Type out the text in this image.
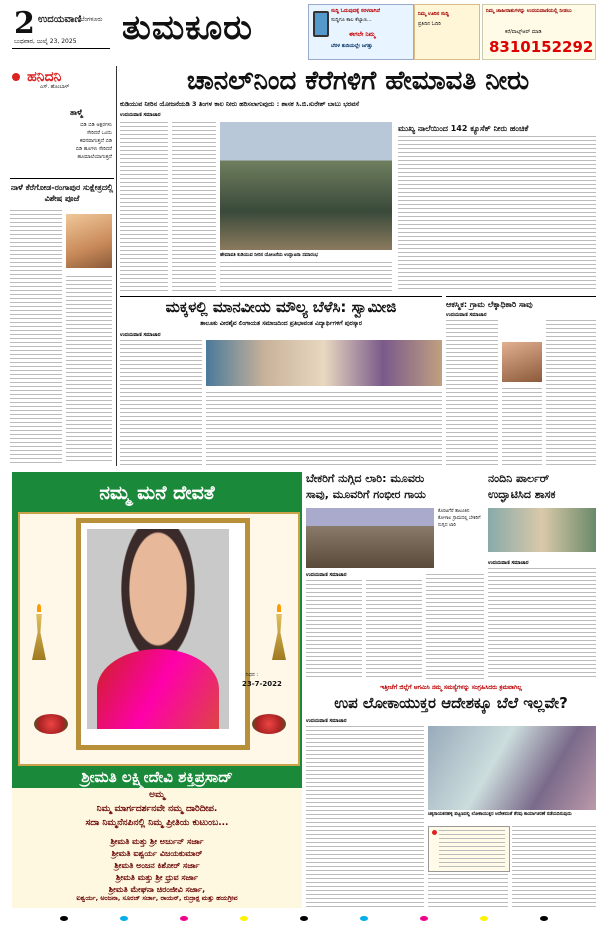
2 ಉದಯವಾಣಿ
ಬೆಂಗಳೂರು
ಬುಧವಾರ, ಜುಲೈ 23, 2025 ತುಮಕೂರು	ಸುದ್ದಿ ಓದುವುದಕ್ಕೆ ಸರಳವಾಗಿದೆ
ಸುದ್ದಿಗೂ ಕಾಲ ಕೆಲ್ಯಾಣ...
ಈಗಲೇ ನಿಮ್ಮ
ಬೆರಳ ತುದಿಯಲ್ಲೇ ಜಗತ್ತು
ನಿಮ್ಮ ಊರಿನ ಸುದ್ದಿ
ಪ್ರತಿದಿನ ಓದಿರಿ
ನಿಮ್ಮ ಜಾಹೀರಾತುಗಳನ್ನು ಉದಯವಾಣಿಯಲ್ಲಿ ನೀಡಲು
ಕರೆ/ವಾಟ್ಸ್ಆಪ್ ಮಾಡಿ
8310152292
ಹನಿದನಿ
ಎಸ್. ಹೊಂಬಾಳ್
ತಾಳ್ಮೆ
ಬಿಡಿ ಬಿಡಿ ಅಕ್ಷರಗಳು
ಸೇರಿದರೆ ಒಂದು
ಕವನವಾಗುತ್ತದೆ ಬಿಡಿ
ಬಿಡಿ ಹೂಗಳು ಸೇರಿದರೆ
ಹೂಮಾಲೆಯಾಗುತ್ತದೆ
ನಾಳೆ ಕೆರೆಗೋಡ-ರಂಗಾಪುರ ಸುಕ್ಷೇತ್ರದಲ್ಲಿ ವಿಶೇಷ ಪೂಜೆ
ಚಾನಲ್‌ನಿಂದ ಕೆರೆಗಳಿಗೆ ಹೇಮಾವತಿ ನೀರು
ಕುಡಿಯುವ ನೀರಿನ ಯೋಜನೆಯಡಿ 3 ತಿಂಗಳ ಕಾಲ ನೀರು ಹರಿಸಲಾಗುವುದು : ಶಾಸಕ ಸಿ.ಬಿ.ಸುರೇಶ್ ಬಾಬು ಭರವಸೆ
ಉದಯವಾಣಿ ಸಮಾಚಾರ
ಹೇಮಾವತಿ ಕುಡಿಯುವ ನೀರಿನ ಯೋಜನೆಯ ಉದ್ಘಾಟನಾ ಸಮಾರಂಭ
ಮುಖ್ಯ ನಾಲೆಯಿಂದ 142 ಕ್ಯೂಸೆಕ್ ನೀರು ಹಂಚಿಕೆ
ಮಕ್ಕಳಲ್ಲಿ ಮಾನವೀಯ ಮೌಲ್ಯ ಬೆಳೆಸಿ: ಸ್ವಾಮೀಜಿ
ತಾಲೂಕು ವೀರಶೈವ ಲಿಂಗಾಯತ ಸಮಾಜದಿಂದ ಪ್ರತಿಭಾವಂತ ವಿದ್ಯಾರ್ಥಿಗಳಿಗೆ ಪುರಸ್ಕಾರ
ಉದಯವಾಣಿ ಸಮಾಚಾರ
ಆಕಸ್ಮಿಕ: ಗ್ರಾಮ ಲೆಕ್ಕಾಧಿಕಾರಿ ಸಾವು
ಉದಯವಾಣಿ ಸಮಾಚಾರ
ನಮ್ಮ ಮನೆ ದೇವತೆ
ನಿಧನ :
23-7-2022
ಶ್ರೀಮತಿ ಲಕ್ಷ್ಮೀದೇವಿ ಶಕ್ತಿಪ್ರಸಾದ್
ಅಮ್ಮ
ನಿಮ್ಮ ಮಾರ್ಗದರ್ಶನವೇ ನಮ್ಮ ದಾರಿದೀಪ.
ಸದಾ ನಿಮ್ಮನೆನಪಿನಲ್ಲಿ ನಿಮ್ಮ ಪ್ರೀತಿಯ ಕುಟುಂಬ...
ಶ್ರೀಮತಿ ಮತ್ತು ಶ್ರೀ ಅರ್ಜುನ್ ಸರ್ಜಾ
ಶ್ರೀಮತಿ ಐಶ್ವರ್ಯ ವಿಜಯಕುಮಾರ್
ಶ್ರೀಮತಿ ಅಂಜನ ಕಿಶೋರ್ ಸರ್ಜಾ
ಶ್ರೀಮತಿ ಮತ್ತು ಶ್ರೀ ಧ್ರುವ ಸರ್ಜಾ
ಶ್ರೀಮತಿ ಮೇಘನಾ ಚಿರಂಜೀವಿ ಸರ್ಜಾ,
ಐಶ್ವರ್ಯ, ಅಂಜನಾ, ಸೂರಜ್ ಸರ್ಜಾ, ರಾಯನ್, ರುದ್ರಾಕ್ಷ ಮತ್ತು ಹಯಗ್ರೀವ
ಬೇಕರಿಗೆ ನುಗ್ಗಿದ ಲಾರಿ: ಮೂವರು
ಸಾವು, ಮೂವರಿಗೆ ಗಂಭೀರ ಗಾಯ
ಕೊರಟಗೆರೆ ತಾಲೂಕಿನ ಕೋಳಾಲ ಗ್ರಾಮದಲ್ಲಿ ಬೇಕರಿಗೆ ನುಗ್ಗಿದ ಲಾರಿ
ಉದಯವಾಣಿ ಸಮಾಚಾರ
ನಂದಿನಿ ಪಾರ್ಲರ್
ಉದ್ಘಾಟಿಸಿದ ಶಾಸಕ
ಉದಯವಾಣಿ ಸಮಾಚಾರ
ಇತ್ತೀಚೆಗೆ ಜಿಲ್ಲೆಗೆ ಆಗಮಿಸಿ ನಮ್ಮ ಸಮಸ್ಯೆಗಳನ್ನು ಸಂಗ್ರಹಿಸಿದರು ಕ್ರಮವಾಗಿಲ್ಲ
ಉಪ ಲೋಕಾಯುಕ್ತರ ಆದೇಶಕ್ಕೂ ಬೆಲೆ ಇಲ್ಲವೇ?
ಉದಯವಾಣಿ ಸಮಾಚಾರ
ಚಿಕ್ಕನಾಯಕನಹಳ್ಳಿ ಪಟ್ಟಣದಲ್ಲಿ ಲೋಕಾಯುಕ್ತರ ಆದೇಶದಂತೆ ತೆರವು ಕಾರ್ಯಾಚರಣೆ ನಡೆಯದಿರುವುದು
